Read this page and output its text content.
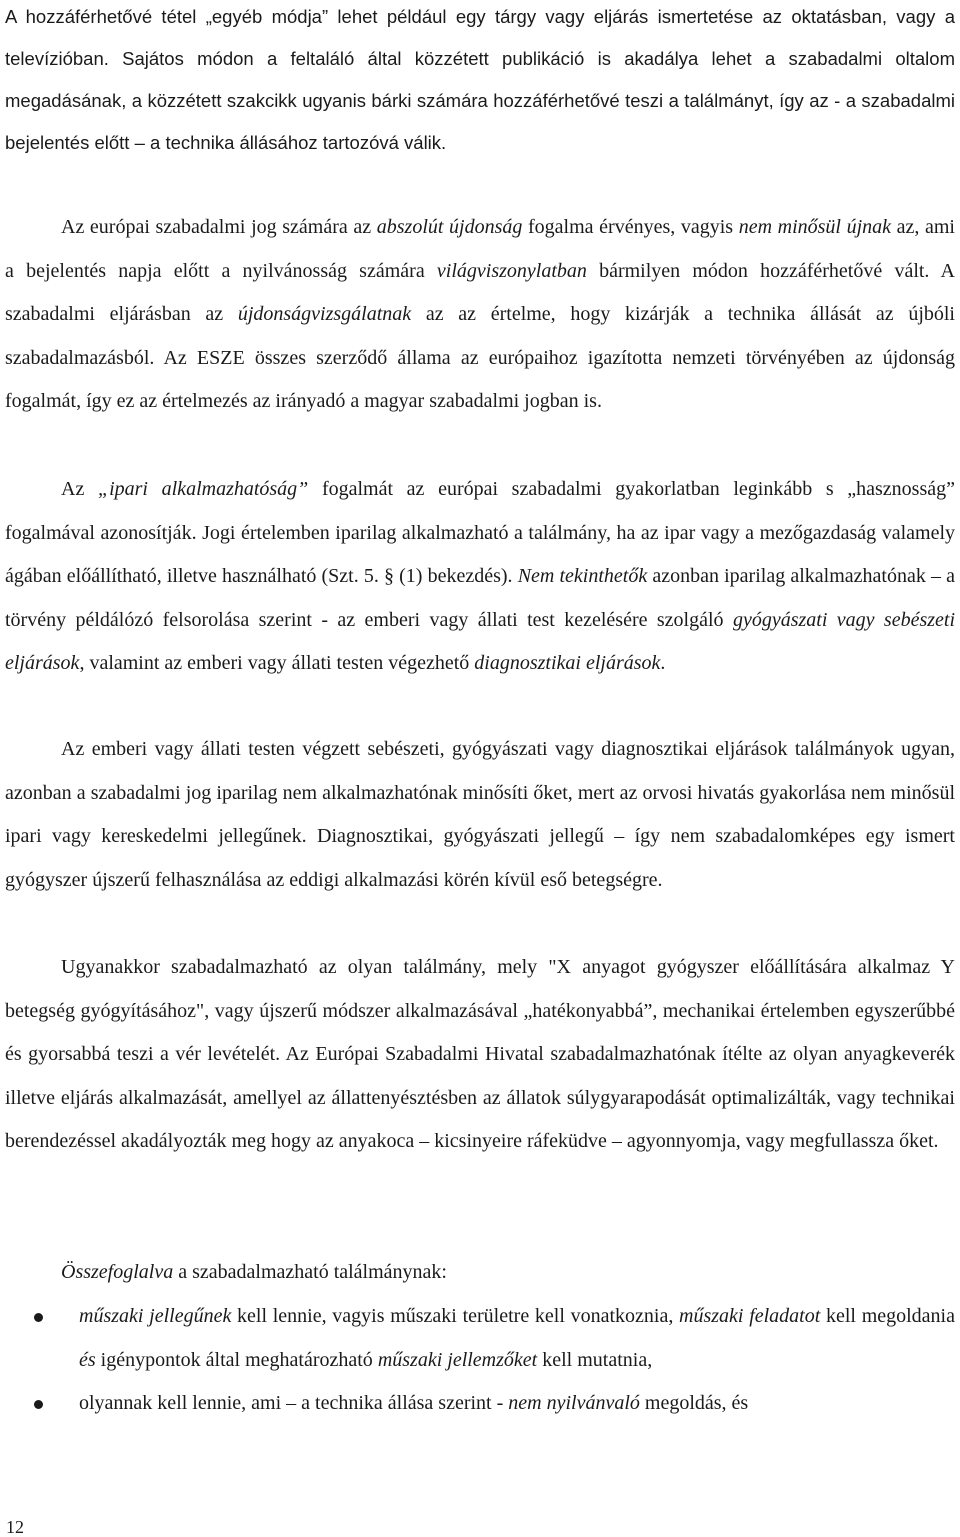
A hozzáférhetővé tétel „egyéb módja” lehet például egy tárgy vagy eljárás ismertetése az oktatásban, vagy a televízióban. Sajátos módon a feltaláló által közzétett publikáció is akadálya lehet a szabadalmi oltalom megadásának, a közzétett szakcikk ugyanis bárki számára hozzáférhetővé teszi a találmányt, így az - a szabadalmi bejelentés előtt – a technika állásához tartozóvá válik.

Az európai szabadalmi jog számára az abszolút újdonság fogalma érvényes, vagyis nem minősül újnak az, ami a bejelentés napja előtt a nyilvánosság számára világviszonylatban bármilyen módon hozzáférhetővé vált. A szabadalmi eljárásban az újdonságvizsgálatnak az az értelme, hogy kizárják a technika állását az újbóli szabadalmazásból. Az ESZE összes szerződő állama az európaihoz igazította nemzeti törvényében az újdonság fogalmát, így ez az értelmezés az irányadó a magyar szabadalmi jogban is.

Az „ipari alkalmazhatóság” fogalmát az európai szabadalmi gyakorlatban leginkább s „hasznosság” fogalmával azonosítják. Jogi értelemben iparilag alkalmazható a találmány, ha az ipar vagy a mezőgazdaság valamely ágában előállítható, illetve használható (Szt. 5. § (1) bekezdés). Nem tekinthetők azonban iparilag alkalmazhatónak – a törvény példálózó felsorolása szerint - az emberi vagy állati test kezelésére szolgáló gyógyászati vagy sebészeti eljárások, valamint az emberi vagy állati testen végezhető diagnosztikai eljárások.

Az emberi vagy állati testen végzett sebészeti, gyógyászati vagy diagnosztikai eljárások találmányok ugyan, azonban a szabadalmi jog iparilag nem alkalmazhatónak minősíti őket, mert az orvosi hivatás gyakorlása nem minősül ipari vagy kereskedelmi jellegűnek. Diagnosztikai, gyógyászati jellegű – így nem szabadalomképes egy ismert gyógyszer újszerű felhasználása az eddigi alkalmazási körén kívül eső betegségre.

Ugyanakkor szabadalmazható az olyan találmány, mely "X anyagot gyógyszer előállítására alkalmaz Y betegség gyógyításához", vagy újszerű módszer alkalmazásával „hatékonyabbá”, mechanikai értelemben egyszerűbbé és gyorsabbá teszi a vér levételét. Az Európai Szabadalmi Hivatal szabadalmazhatónak ítélte az olyan anyagkeverék illetve eljárás alkalmazását, amellyel az állattenyésztésben az állatok súlygyarapodását optimalizálták, vagy technikai berendezéssel akadályozták meg hogy az anyakoca – kicsinyeire ráfeküdve – agyonnyomja, vagy megfullassza őket.

Összefoglalva a szabadalmazható találmánynak:

műszaki jellegűnek kell lennie, vagyis műszaki területre kell vonatkoznia, műszaki feladatot kell megoldania és igénypontok által meghatározható műszaki jellemzőket kell mutatnia,
olyannak kell lennie, ami – a technika állása szerint - nem nyilvánvaló megoldás, és
12
